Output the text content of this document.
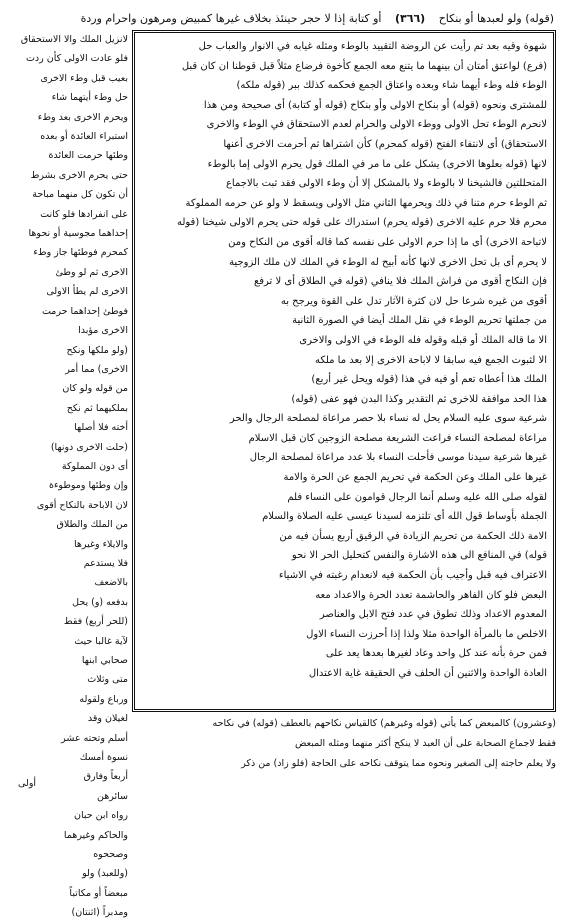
(قوله) ولو لعبدها أو بنكاح (٣٦٦) أو كتابة إذا لا حجر حينئذ بخلاف غيرها كمبيض ومرهون واحرام وردة
شهوة وقيه بعد تم رأيت عن الروضة التقييد بالوطء ومثله غيابه في الانوار والعباب حل
(فرع) لواعتق أمتان أن بينهما ما يتنع معه الجمع كأخوة فرضاع مثلاً قبل قوطنا ان كان قبل
الوطء فله وطء أيهما شاء وبعده واعتاق الجمع فحكمه كذلك ببر (قوله ملكه)
للمشترى ونحوه (قوله) أو بنكاح الاولى وأو بنكاح (قوله أو كتابة) أى صحيحة ومن هذا
لانحرم الوطء تحل الاولى ووطء الاولى والحرام لعدم الاستحقاق في الوطء والاخرى
الاستحقاق) أى لانتفاء الفتح (قوله كمحرم) كأن اشتراها ثم أحرمت الاخرى أعنها
لانها (قوله بعلوها الاخرى) يشكل على ما مر في الملك قول يحرم الاولى إما بالوطء
المتحللتين فالشيخنا لا بالوطء ولا بالمشكل إلا أن وطء الاولى فقد ثبت بالاجماع
ثم الوطء حرم متنا في ذلك ويحرمها الثاني مثل الاولى ويسقط لا ولو عن حرمه المملوكة
محرم فلا حرم عليه الاخرى (قوله يحرم) استدراك على قوله حتى يحرم الاولى شيخنا (قوله
لاتباحة الاخرى) أى ما إذا حرم الاولى على نفسه كما قاله أقوى من النكاح ومن
لا يحرم أى بل تحل الاخرى لانها كأنه أبيح له الوطء في الملك لان ملك الزوجية
فإن النكاح أقوى من فراش الملك فلا ينافي (قوله في الطلاق أى لا ترفع
أقوى من غيره شرعا حل لان كثرة الآثار تدل على القوة ويرجح به
من جملتها تحريم الوطء في نقل الملك أيضا في الصورة الثانية
الا ما قاله الملك أو قبله وقوله فله الوطء في الاولى والاخرى
الا لثبوت الجمع فيه سابقا لا لاباحة الاخرى إلا بعد ما ملكه
الملك هذا أعطاه تعم أو فيه في هذا (قوله ويحل غير أربع)
هذا الحد موافقة للاخرى ثم التقدير وكذا البدن فهو عفى (قوله)
شرعية سوى عليه السلام يحل له نساء بلا حصر مراعاة لمصلحة الرجال والحر
مراعاة لمصلحة النساء فراعت الشريعة مصلحة الزوجين كان قبل الاسلام
غيرها شرعية سيدنا موسى فأحلت النساء بلا عدد مراعاة لمصلحة الرجال
غيرها على الملك وعن الحكمة في تحريم الجمع عن الحرة والامة
لقوله صلى الله عليه وسلم أنما الرجال قوامون على النساء فلم
الجملة بأوساط قول الله أى تلتزمه لسيدنا عيسى عليه الصلاة والسلام
الامة ذلك الحكمة من تحريم الزيادة في الرقيق أربع يسأن فيه من
قوله) في المنافع الى هذه الاشارة والنفس كتحليل الحر الا نحو
الاعتراف فيه قبل وأجيب بأن الحكمة فيه لانعدام رغبته في الاشياء
البعض فلو كان الفاهر والحاشمة تعدد الحرة والاعداد معه
المعدوم الاعداد وذلك تطوق في عدد فتح الابل والعناصر
الاخلص ما بالمرأة الواحدة مثلا ولذا إذا أحرزت النساء الاول
فمن حرة بأنه عند كل واحد وعاد لغيرها بعدها يعد على
العادة الواحدة والاثنين أن الحلف في الحقيقة غاية الاعتدال
لانزيل الملك والا الاستحقاق
فلو عادت الاولى كأن ردت
بعيب قبل وطء الاخرى
حل وطء أيتهما شاء
ويحرم الاخرى بعد وطء
استبراء العائدة أو بعده
وطئها حرمت العائدة
حتى يحرم الاخرى بشرط
أن تكون كل منهما مباحة
على انفرادها فلو كانت
إحداهما مجوسية أو نحوها
كمحرم فوطئها جاز وطء
الاخرى ثم لو وطئ
الاخرى لم يطأ الاولى
فوطئ إحداهما حرمت
الاخرى مؤبدا
(ولو ملكها ونكح
الاخرى) مما أمر
من قوله ولو كان
بملكيهما ثم نكح
أخته فلا أصلها
(حلت الاخرى دونها)
أى دون المملوكة
وإن وطئها وموطوءة
لان الاباحة بالنكاح أقوى
من الملك والطلاق
والايلاء وغيرها
فلا يستدعم
بالاضعف
بدفعه (و) يحل
(للحر أربع) فقط
لآية غالبا حيث
صحابي ابنها
متى وثلاث
ورباع ولقوله
لغيلان وقد
أسلم وتحته عشر
نسوة أمسك
أربعاً وفارق
سائرهن
رواه ابن حبان
والحاكم وغيرهما
وصححوه
(وللعبد) ولو
مبعضاً أو مكاتباً
ومدبراً (اثنتان)
(وعشرون) كالمبعض كما يأتي (قوله وغيرهم) كالقياس نكاحهم بالعطف (قوله) في نكاحه
فقط لاجماع الصحابة على أن العبد لا ينكح أكثر منهما ومثله المبعض
ولا يعلم حاجته إلى الصغير ونحوه مما يتوقف نكاحه على الحاجة (فلو زاد) من ذكر
أولى
